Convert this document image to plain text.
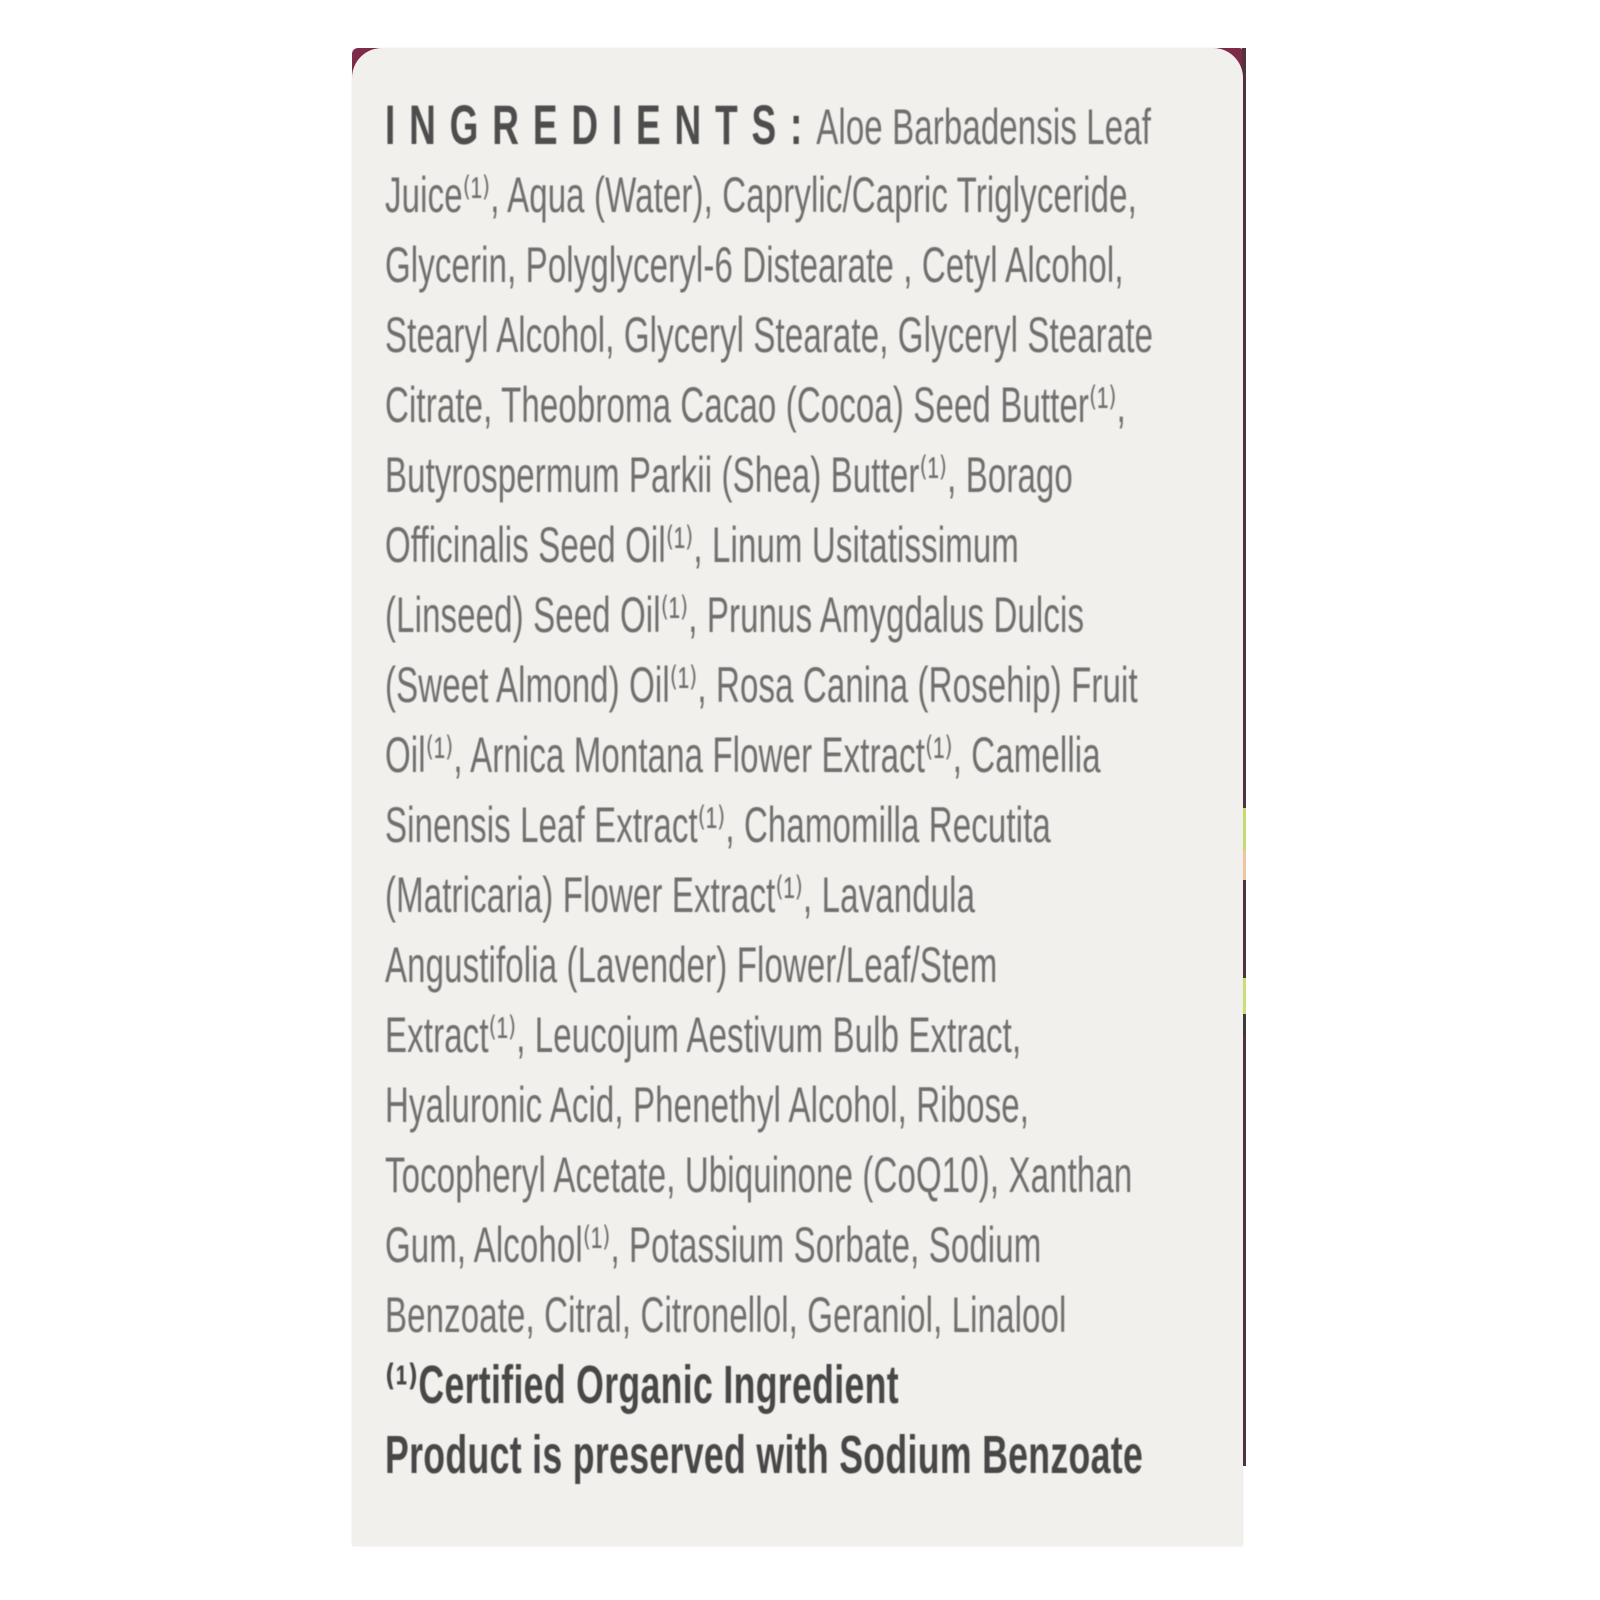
INGREDIENTS:Aloe Barbadensis Leaf
Juice⁽¹⁾, Aqua (Water), Caprylic/Capric Triglyceride,
Glycerin, Polyglyceryl-6 Distearate , Cetyl Alcohol,
Stearyl Alcohol, Glyceryl Stearate, Glyceryl Stearate
Citrate, Theobroma Cacao (Cocoa) Seed Butter⁽¹⁾,
Butyrospermum Parkii (Shea) Butter⁽¹⁾, Borago
Officinalis Seed Oil⁽¹⁾, Linum Usitatissimum
(Linseed) Seed Oil⁽¹⁾, Prunus Amygdalus Dulcis
(Sweet Almond) Oil⁽¹⁾, Rosa Canina (Rosehip) Fruit
Oil⁽¹⁾, Arnica Montana Flower Extract⁽¹⁾, Camellia
Sinensis Leaf Extract⁽¹⁾, Chamomilla Recutita
(Matricaria) Flower Extract⁽¹⁾, Lavandula
Angustifolia (Lavender) Flower/Leaf/Stem
Extract⁽¹⁾, Leucojum Aestivum Bulb Extract,
Hyaluronic Acid, Phenethyl Alcohol, Ribose,
Tocopheryl Acetate, Ubiquinone (CoQ10), Xanthan
Gum, Alcohol⁽¹⁾, Potassium Sorbate, Sodium
Benzoate, Citral, Citronellol, Geraniol, Linalool
⁽¹⁾Certified Organic Ingredient
Product is preserved with Sodium Benzoate
